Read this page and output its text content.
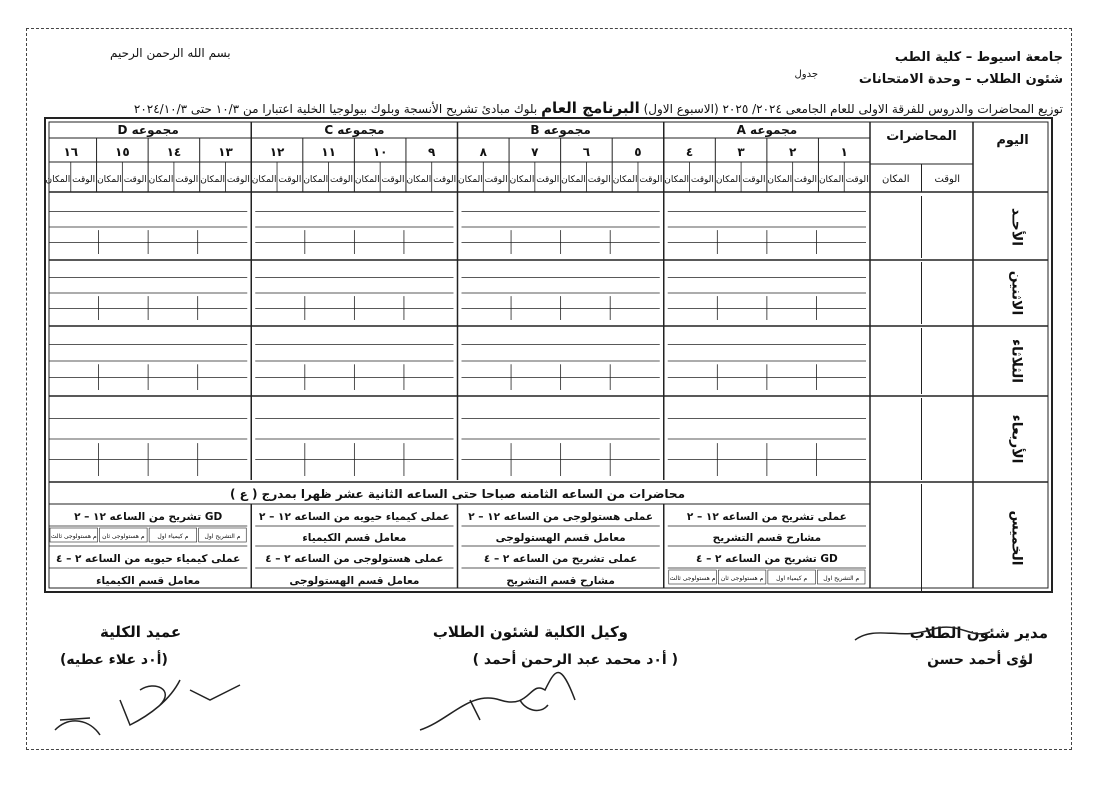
جامعة اسيوط – كلية الطب
بسم الله الرحمن الرحيم
شئون الطلاب – وحدة الامتحانات
جدول
توزيع المحاضرات والدروس للفرقة الاولى للعام الجامعى ٢٠٢٤/ ٢٠٢٥ (الاسبوع الاول) البرنامج العام بلوك مبادئ تشريح الأنسجة وبلوك بيولوجيا الخلية اعتبارا من ١٠/٣ حتى ٢٠٢٤/١٠/٣
اليوم
المحاضرات
الوقت
المكان
مجموعه A
١
الوقت
المكان
٢
الوقت
المكان
٣
الوقت
المكان
٤
الوقت
المكان
مجموعه B
٥
الوقت
المكان
٦
الوقت
المكان
٧
الوقت
المكان
٨
الوقت
المكان
مجموعه C
٩
الوقت
المكان
١٠
الوقت
المكان
١١
الوقت
المكان
١٢
الوقت
المكان
مجموعه D
١٣
الوقت
المكان
١٤
الوقت
المكان
١٥
الوقت
المكان
١٦
الوقت
المكان
الأحـد
الاثنين
الثلاثاء
الأربعاء
الخميس
محاضرات من الساعه الثامنه صباحا حتى الساعه الثانية عشر ظهرا بمدرج ( ع )
عملى تشريح من الساعه ١٢ – ٢
مشارح قسم التشريح
GD تشريح من الساعه ٢ – ٤
م التشريح اول
م كيمياء اول
م هستولوجى ثان
م هستولوجى ثالث
عملى هستولوجى من الساعه ١٢ – ٢
معامل قسم الهستولوجى
عملى تشريح من الساعه ٢ – ٤
مشارح قسم التشريح
عملى كيمياء حيويه من الساعه ١٢ – ٢
معامل قسم الكيمياء
عملى هستولوجى من الساعه ٢ – ٤
معامل قسم الهستولوجى
GD تشريح من الساعه ١٢ – ٢
عملى كيمياء حيويه من الساعه ٢ – ٤
معامل قسم الكيمياء
م التشريح اول
م كيمياء اول
م هستولوجى ثان
م هستولوجى ثالث
مدير شئون الطلاب
لؤى أحمد حسن
وكيل الكلية لشئون الطلاب
( أ٠د محمد عبد الرحمن أحمد )
عميد الكلية
(أ٠د علاء عطيه)
